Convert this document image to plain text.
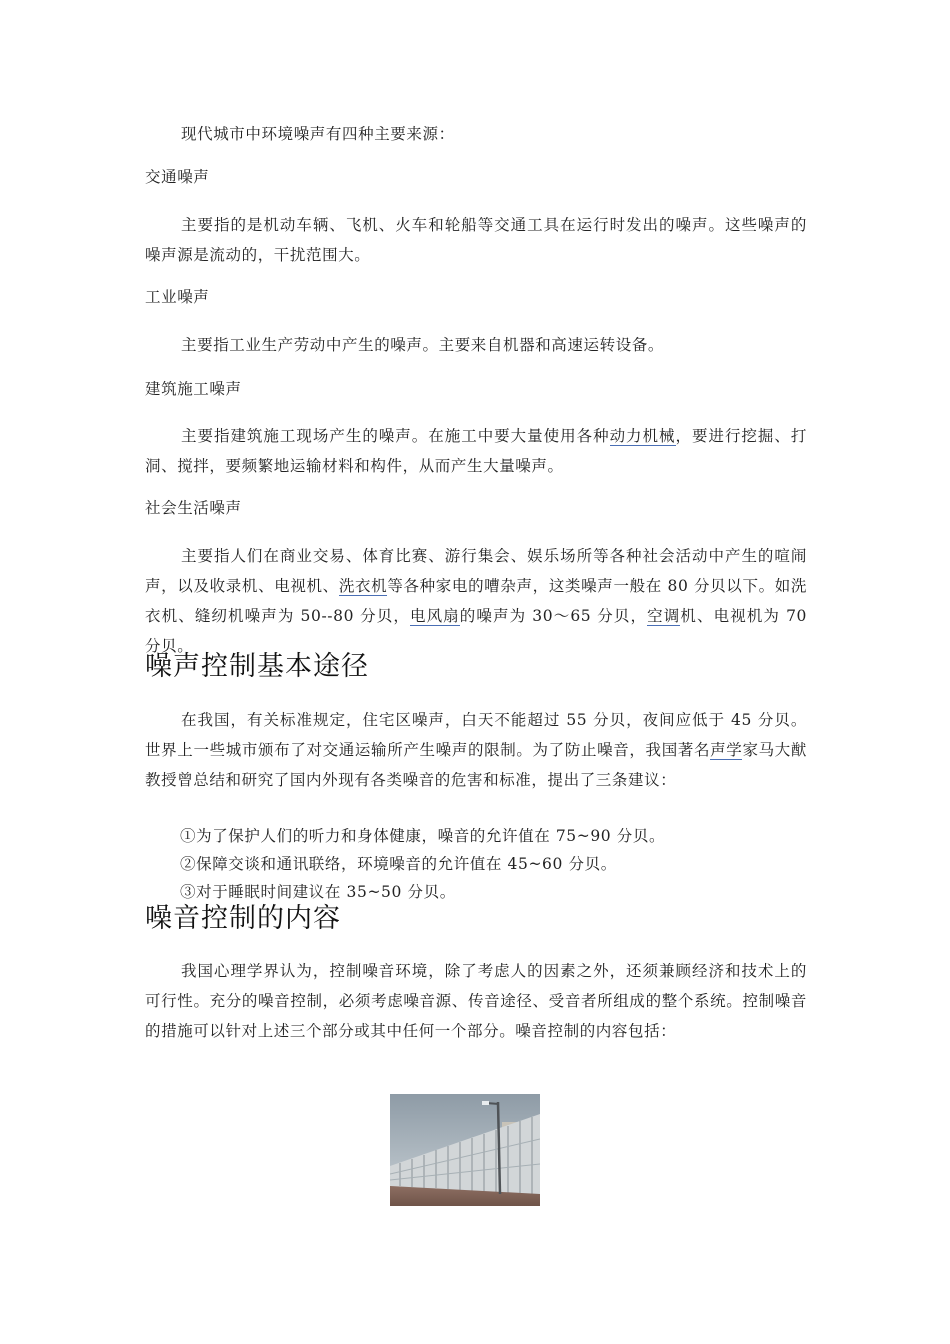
现代城市中环境噪声有四种主要来源：
交通噪声
主要指的是机动车辆、飞机、火车和轮船等交通工具在运行时发出的噪声。这些噪声的噪声源是流动的，干扰范围大。
工业噪声
主要指工业生产劳动中产生的噪声。主要来自机器和高速运转设备。
建筑施工噪声
主要指建筑施工现场产生的噪声。在施工中要大量使用各种动力机械，要进行挖掘、打洞、搅拌，要频繁地运输材料和构件，从而产生大量噪声。
社会生活噪声
主要指人们在商业交易、体育比赛、游行集会、娱乐场所等各种社会活动中产生的喧闹声，以及收录机、电视机、洗衣机等各种家电的嘈杂声，这类噪声一般在 80 分贝以下。如洗衣机、缝纫机噪声为 50--80 分贝，电风扇的噪声为 30～65 分贝，空调机、电视机为 70 分贝。
噪声控制基本途径
在我国，有关标准规定，住宅区噪声，白天不能超过 55 分贝，夜间应低于 45 分贝。世界上一些城市颁布了对交通运输所产生噪声的限制。为了防止噪音，我国著名声学家马大猷教授曾总结和研究了国内外现有各类噪音的危害和标准，提出了三条建议：
①为了保护人们的听力和身体健康，噪音的允许值在 75~90 分贝。
②保障交谈和通讯联络，环境噪音的允许值在 45~60 分贝。
③对于睡眠时间建议在 35~50 分贝。
噪音控制的内容
我国心理学界认为，控制噪音环境，除了考虑人的因素之外，还须兼顾经济和技术上的可行性。充分的噪音控制，必须考虑噪音源、传音途径、受音者所组成的整个系统。控制噪音的措施可以针对上述三个部分或其中任何一个部分。噪音控制的内容包括：
